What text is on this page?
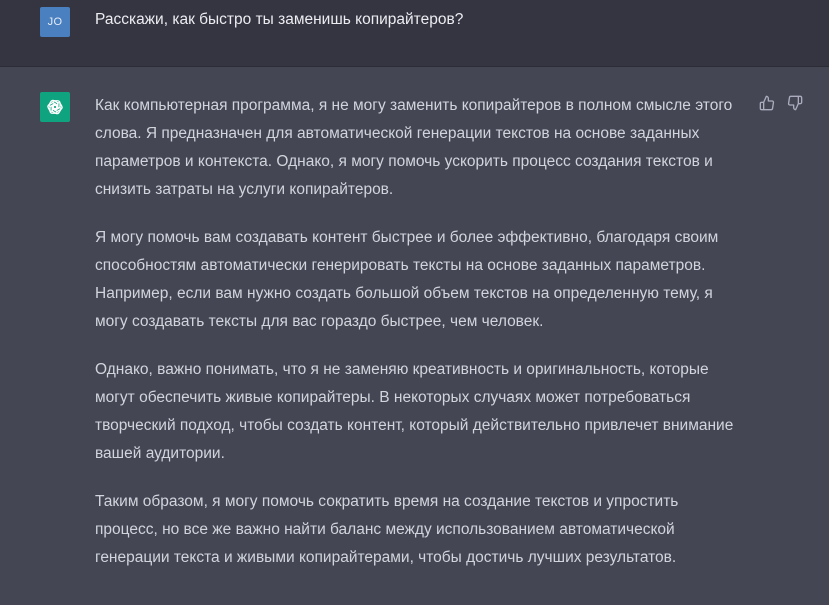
JO	Расскажи, как быстро ты заменишь копирайтеров?

Как компьютерная программа, я не могу заменить копирайтеров в полном смысле этого слова. Я предназначен для автоматической генерации текстов на основе заданных параметров и контекста. Однако, я могу помочь ускорить процесс создания текстов и снизить затраты на услуги копирайтеров.

Я могу помочь вам создавать контент быстрее и более эффективно, благодаря своим способностям автоматически генерировать тексты на основе заданных параметров. Например, если вам нужно создать большой объем текстов на определенную тему, я могу создавать тексты для вас гораздо быстрее, чем человек.

Однако, важно понимать, что я не заменяю креативность и оригинальность, которые могут обеспечить живые копирайтеры. В некоторых случаях может потребоваться творческий подход, чтобы создать контент, который действительно привлечет внимание вашей аудитории.

Таким образом, я могу помочь сократить время на создание текстов и упростить процесс, но все же важно найти баланс между использованием автоматической генерации текста и живыми копирайтерами, чтобы достичь лучших результатов.
